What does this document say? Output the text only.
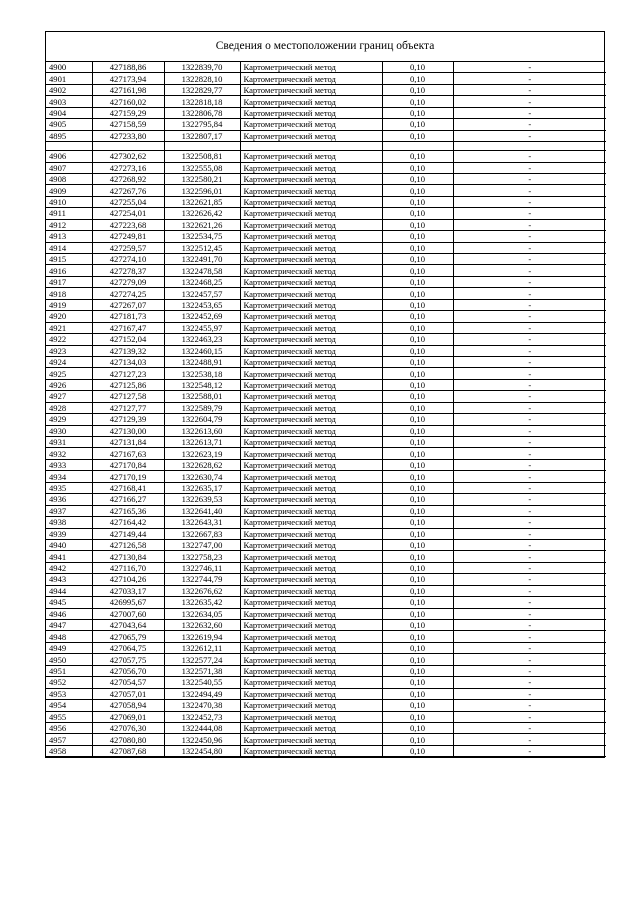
Сведения о местоположении границ объекта
4900	427188,86	1322839,70	Картометрический метод	0,10	-
4901	427173,94	1322828,10	Картометрический метод	0,10	-
4902	427161,98	1322829,77	Картометрический метод	0,10	-
4903	427160,02	1322818,18	Картометрический метод	0,10	-
4904	427159,29	1322806,78	Картометрический метод	0,10	-
4905	427158,59	1322795,84	Картометрический метод	0,10	-
4895	427233,80	1322807,17	Картометрический метод	0,10	-

4906	427302,62	1322508,81	Картометрический метод	0,10	-
4907	427273,16	1322555,08	Картометрический метод	0,10	-
4908	427268,92	1322580,21	Картометрический метод	0,10	-
4909	427267,76	1322596,01	Картометрический метод	0,10	-
4910	427255,04	1322621,85	Картометрический метод	0,10	-
4911	427254,01	1322626,42	Картометрический метод	0,10	-
4912	427223,68	1322621,26	Картометрический метод	0,10	-
4913	427249,81	1322534,75	Картометрический метод	0,10	-
4914	427259,57	1322512,45	Картометрический метод	0,10	-
4915	427274,10	1322491,70	Картометрический метод	0,10	-
4916	427278,37	1322478,58	Картометрический метод	0,10	-
4917	427279,09	1322468,25	Картометрический метод	0,10	-
4918	427274,25	1322457,57	Картометрический метод	0,10	-
4919	427267,07	1322453,65	Картометрический метод	0,10	-
4920	427181,73	1322452,69	Картометрический метод	0,10	-
4921	427167,47	1322455,97	Картометрический метод	0,10	-
4922	427152,04	1322463,23	Картометрический метод	0,10	-
4923	427139,32	1322460,15	Картометрический метод	0,10	-
4924	427134,03	1322488,91	Картометрический метод	0,10	-
4925	427127,23	1322538,18	Картометрический метод	0,10	-
4926	427125,86	1322548,12	Картометрический метод	0,10	-
4927	427127,58	1322588,01	Картометрический метод	0,10	-
4928	427127,77	1322589,79	Картометрический метод	0,10	-
4929	427129,39	1322604,79	Картометрический метод	0,10	-
4930	427130,00	1322613,60	Картометрический метод	0,10	-
4931	427131,84	1322613,71	Картометрический метод	0,10	-
4932	427167,63	1322623,19	Картометрический метод	0,10	-
4933	427170,84	1322628,62	Картометрический метод	0,10	-
4934	427170,19	1322630,74	Картометрический метод	0,10	-
4935	427168,41	1322635,17	Картометрический метод	0,10	-
4936	427166,27	1322639,53	Картометрический метод	0,10	-
4937	427165,36	1322641,40	Картометрический метод	0,10	-
4938	427164,42	1322643,31	Картометрический метод	0,10	-
4939	427149,44	1322667,83	Картометрический метод	0,10	-
4940	427126,58	1322747,00	Картометрический метод	0,10	-
4941	427130,84	1322758,23	Картометрический метод	0,10	-
4942	427116,70	1322746,11	Картометрический метод	0,10	-
4943	427104,26	1322744,79	Картометрический метод	0,10	-
4944	427033,17	1322676,62	Картометрический метод	0,10	-
4945	426995,67	1322635,42	Картометрический метод	0,10	-
4946	427007,60	1322634,05	Картометрический метод	0,10	-
4947	427043,64	1322632,60	Картометрический метод	0,10	-
4948	427065,79	1322619,94	Картометрический метод	0,10	-
4949	427064,75	1322612,11	Картометрический метод	0,10	-
4950	427057,75	1322577,24	Картометрический метод	0,10	-
4951	427056,70	1322571,38	Картометрический метод	0,10	-
4952	427054,57	1322540,55	Картометрический метод	0,10	-
4953	427057,01	1322494,49	Картометрический метод	0,10	-
4954	427058,94	1322470,38	Картометрический метод	0,10	-
4955	427069,01	1322452,73	Картометрический метод	0,10	-
4956	427076,30	1322444,08	Картометрический метод	0,10	-
4957	427080,80	1322450,96	Картометрический метод	0,10	-
4958	427087,68	1322454,80	Картометрический метод	0,10	-
